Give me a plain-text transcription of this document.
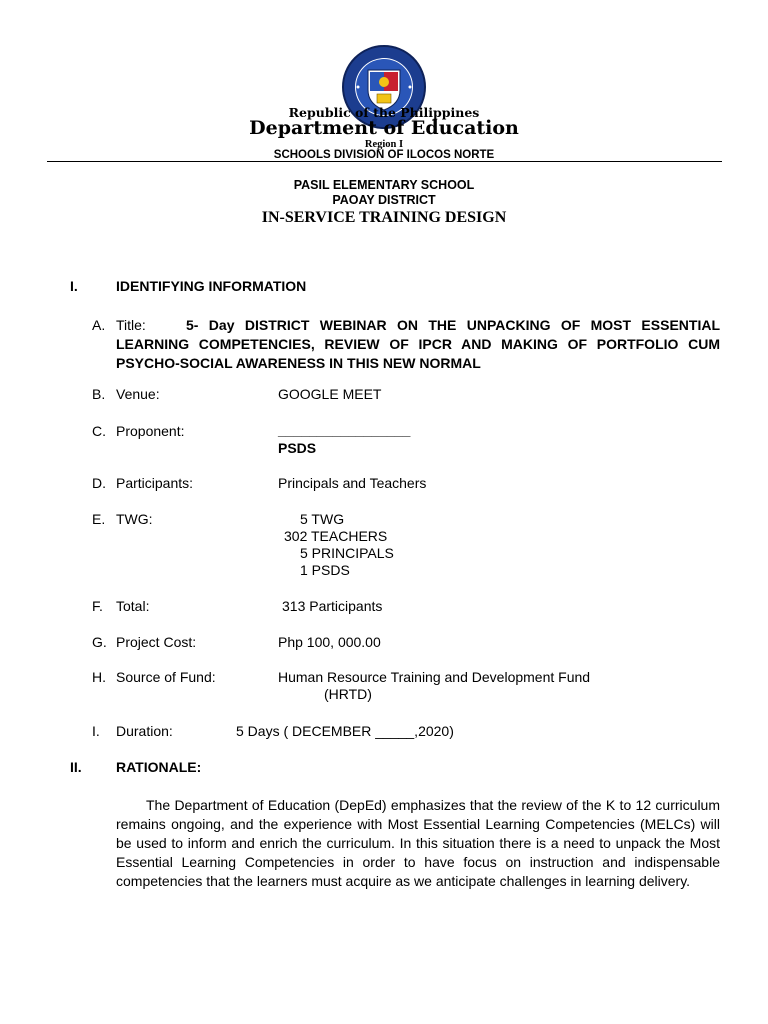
Republic of the Philippines
Department of Education
Region I
SCHOOLS DIVISION OF ILOCOS NORTE
PASIL ELEMENTARY SCHOOL
PAOAY DISTRICT
IN-SERVICE TRAINING DESIGN
I.	IDENTIFYING INFORMATION
A. Title:	5- Day DISTRICT WEBINAR ON THE UNPACKING OF MOST ESSENTIAL LEARNING COMPETENCIES, REVIEW OF IPCR AND MAKING OF PORTFOLIO CUM PSYCHO-SOCIAL AWARENESS IN THIS NEW NORMAL
B. Venue:	GOOGLE MEET
C. Proponent:	_________________
PSDS
D. Participants:	Principals and Teachers
E. TWG:	5 TWG
302 TEACHERS
5 PRINCIPALS
1 PSDS
F. Total:	313 Participants
G. Project Cost:	Php 100, 000.00
H. Source of Fund:	Human Resource Training and Development Fund
(HRTD)
I. Duration:	5 Days ( DECEMBER _____,2020)
II. RATIONALE:
The Department of Education (DepEd) emphasizes that the review of the K to 12 curriculum remains ongoing, and the experience with Most Essential Learning Competencies (MELCs) will be used to inform and enrich the curriculum. In this situation there is a need to unpack the Most Essential Learning Competencies in order to have focus on instruction and indispensable competencies that the learners must acquire as we anticipate challenges in learning delivery.
